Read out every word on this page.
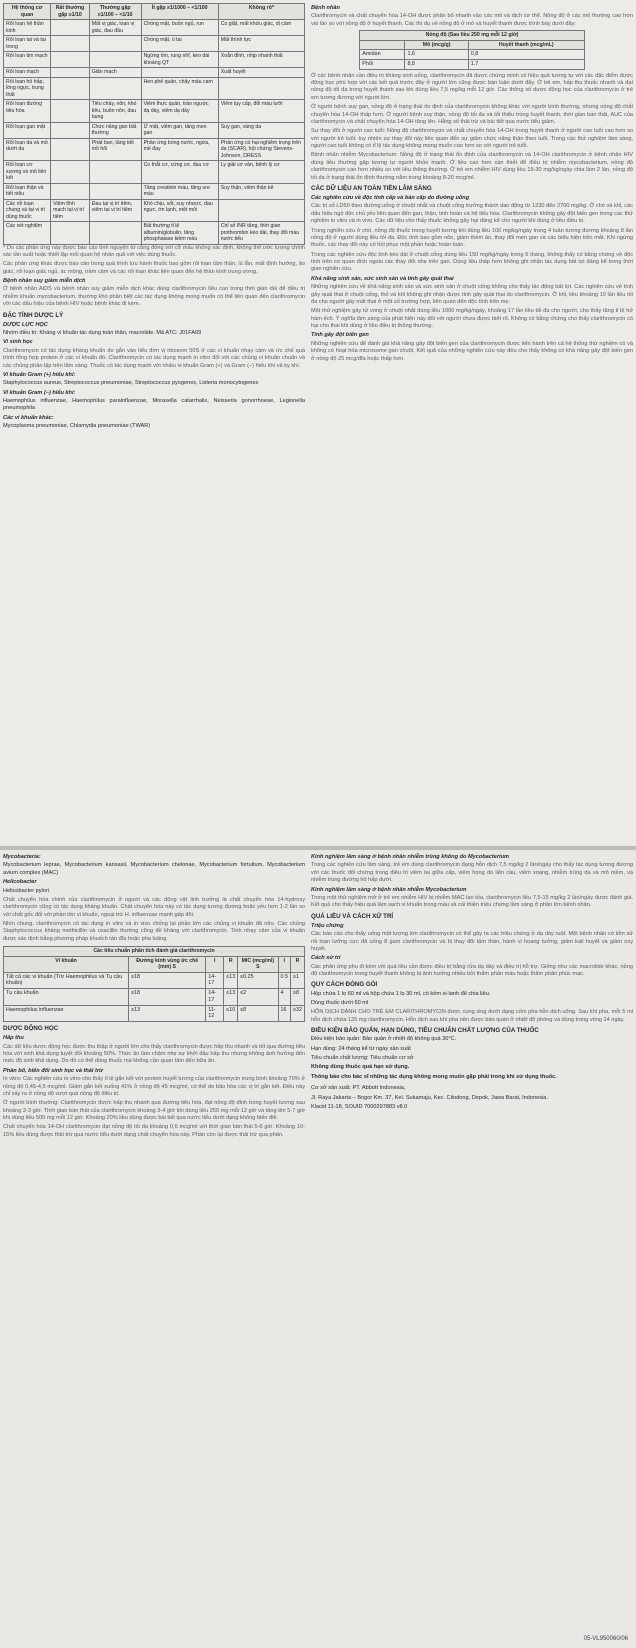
Hệ thống cơ quan	Rất thường gặp ≥1/10	Thường gặp ≥1/100 – <1/10	Ít gặp ≥1/1000 – <1/100	Không rõ*
Rối loạn hệ thần kinh		Mất vị giác, loạn vị giác, đau đầu	Chóng mặt, buồn ngủ, run	Co giật, mất khứu giác, dị cảm
Rối loạn tai và tai trong			Chóng mặt, ù tai	Mất thính lực
Rối loạn tim mạch			Ngừng tim, rung nhĩ, kéo dài khoảng QT	Xoắn đỉnh, nhịp nhanh thất
Rối loạn mạch		Giãn mạch		Xuất huyết
Rối loạn hô hấp, lồng ngực, trung thất			Hen phế quản, chảy máu cam	
Rối loạn đường tiêu hóa		Tiêu chảy, nôn, khó tiêu, buồn nôn, đau bụng	Viêm thực quản, trào ngược dạ dày, viêm dạ dày	Viêm tụy cấp, đổi màu lưỡi
Rối loạn gan mật		Chức năng gan bất thường	Ứ mật, viêm gan, tăng men gan	Suy gan, vàng da
Rối loạn da và mô dưới da		Phát ban, tăng tiết mồ hôi	Phản ứng bóng nước, ngứa, mề đay	Phản ứng có hại nghiêm trọng trên da (SCAR), hội chứng Stevens-Johnson, DRESS
Rối loạn cơ xương và mô liên kết			Co thắt cơ, cứng cơ, đau cơ	Ly giải cơ vân, bệnh lý cơ
Rối loạn thận và tiết niệu			Tăng creatinin máu, tăng ure máu	Suy thận, viêm thận kẽ
Các rối loạn chung và tại vị trí dùng thuốc	Viêm tĩnh mạch tại vị trí tiêm	Đau tại vị trí tiêm, viêm tại vị trí tiêm	Khó chịu, sốt, suy nhược, đau ngực, ớn lạnh, mệt mỏi	
Các xét nghiệm			Bất thường tỉ lệ albumin/globulin, tăng phosphatase kiềm máu	Chỉ số INR tăng, thời gian prothrombin kéo dài, thay đổi màu nước tiểu

* Do các phản ứng này được báo cáo tình nguyện từ cộng đồng với cỡ mẫu không xác định, không thể ước lượng chính xác tần suất hoặc thiết lập mối quan hệ nhân quả với việc dùng thuốc.

Các phản ứng khác được báo cáo trong quá trình lưu hành thuốc bao gồm rối loạn tâm thần, lú lẫn, mất định hướng, ảo giác, rối loạn giấc ngủ, ác mộng, trầm cảm và các rối loạn khác liên quan đến hệ thần kinh trung ương.

Bệnh nhân suy giảm miễn dịch

Ở bệnh nhân AIDS và bệnh nhân suy giảm miễn dịch khác dùng clarithromycin liều cao trong thời gian dài để điều trị nhiễm khuẩn mycobacterium, thường khó phân biệt các tác dụng không mong muốn có thể liên quan đến clarithromycin với các dấu hiệu của bệnh HIV hoặc bệnh khác đi kèm.

ĐẶC TÍNH DƯỢC LÝ
DƯỢC LỰC HỌC

Nhóm điều trị: Kháng vi khuẩn tác dụng toàn thân, macrolide. Mã ATC: J01FA09

Vi sinh học

Clarithromycin có tác dụng kháng khuẩn do gắn vào tiểu đơn vị ribosom 50S ở các vi khuẩn nhạy cảm và ức chế quá trình tổng hợp protein ở các vi khuẩn đó. Clarithromycin có tác dụng mạnh in vitro đối với các chủng vi khuẩn chuẩn và các chủng phân lập trên lâm sàng. Thuốc có tác dụng mạnh với nhiều vi khuẩn Gram (+) và Gram (−) hiếu khí và kỵ khí.

Vi khuẩn Gram (+) hiếu khí:

Staphylococcus aureus, Streptococcus pneumoniae, Streptococcus pyogenes, Listeria monocytogenes

Vi khuẩn Gram (−) hiếu khí:

Haemophilus influenzae, Haemophilus parainfluenzae, Moraxella catarrhalis, Neisseria gonorrhoeae, Legionella pneumophila

Các vi khuẩn khác:

Mycoplasma pneumoniae, Chlamydia pneumoniae (TWAR)

Bệnh nhân

Clarithromycin và chất chuyển hóa 14-OH được phân bố nhanh vào các mô và dịch cơ thể. Nồng độ ở các mô thường cao hơn vài lần so với nồng độ ở huyết thanh. Các thí dụ về nồng độ ở mô và huyết thanh được trình bày dưới đây:

Nồng độ (Sau liều 250 mg mỗi 12 giờ)		
	Mô (mcg/g)	Huyết thanh (mcg/mL)
Amidan	1,6	0,8
Phổi	8,8	1,7

Ở các bệnh nhân cần điều trị kháng sinh uống, clarithromycin đã được chứng minh có hiệu quả tương tự với các đặc điểm được động học phù hợp với các kết quả trước đây ở người lớn cũng được bàn luận dưới đây. Ở trẻ em, hấp thu thuốc nhanh và đạt nồng độ tối đa trong huyết thanh sau khi dùng liều 7,5 mg/kg mỗi 12 giờ. Các thông số dược động học của clarithromycin ở trẻ em tương đương với người lớn.

Ở người bệnh suy gan, nồng độ ở trạng thái ổn định của clarithromycin không khác với người bình thường, nhưng nồng độ chất chuyển hóa 14-OH thấp hơn. Ở người bệnh suy thận, nồng độ tối đa và tối thiểu trong huyết thanh, thời gian bán thải, AUC của clarithromycin và chất chuyển hóa 14-OH tăng lên. Hằng số thải trừ và bài tiết qua nước tiểu giảm.

Sự thay đổi ở người cao tuổi: Nồng độ clarithromycin và chất chuyển hóa 14-OH trong huyết thanh ở người cao tuổi cao hơn so với người trẻ tuổi; tuy nhiên sự thay đổi này liên quan đến sự giảm chức năng thận theo tuổi. Trong các thử nghiệm lâm sàng, người cao tuổi không có tỉ lệ tác dụng không mong muốn cao hơn so với người trẻ tuổi.

Bệnh nhân nhiễm Mycobacterium: Nồng độ ở trạng thái ổn định của clarithromycin và 14-OH clarithromycin ở bệnh nhân HIV dùng liều thường gặp tương tự người khỏe mạnh. Ở liều cao hơn cần thiết để điều trị nhiễm mycobacterium, nồng độ clarithromycin cao hơn nhiều so với liều thông thường. Ở trẻ em nhiễm HIV dùng liều 15-30 mg/kg/ngày chia làm 2 lần, nồng độ tối đa ở trạng thái ổn định thường nằm trong khoảng 8-20 mcg/ml.

CÁC DỮ LIỆU AN TOÀN TIỀN LÂM SÀNG
Các nghiên cứu về độc tính cấp và bán cấp do đường uống

Các trị số LD50 theo đường uống ở chuột nhắt và chuột cống trưởng thành dao động từ 1230 đến 2700 mg/kg. Ở chó và khỉ, các dấu hiệu ngộ độc chủ yếu liên quan đến gan, thận, tinh hoàn và hệ tiêu hóa. Clarithromycin không gây đột biến gen trong các thử nghiệm in vitro và in vivo. Các dữ liệu cho thấy thuốc không gây hại đáng kể cho người khi dùng ở liều điều trị.

Trong nghiên cứu ở chó, nồng độ thuốc trong huyết tương khi dùng liều 100 mg/kg/ngày trong 4 tuần tương đương khoảng 8 lần nồng độ ở người dùng liều tối đa. Độc tính bao gồm nôn, giảm thèm ăn, thay đổi men gan và các biểu hiện trên mắt. Khi ngừng thuốc, các thay đổi này có hồi phục một phần hoặc hoàn toàn.

Trong các nghiên cứu độc tính kéo dài ở chuột cống dùng liều 150 mg/kg/ngày trong 6 tháng, không thấy có bằng chứng về độc tính trên cơ quan đích ngoài các thay đổi nhẹ trên gan. Dùng liều thấp hơn không ghi nhận tác dụng bất lợi đáng kể trong thời gian nghiên cứu.

Khả năng sinh sản, sức sinh sản và tính gây quái thai

Những nghiên cứu về khả năng sinh sản và sức sinh sản ở chuột cống không cho thấy tác động bất lợi. Các nghiên cứu về tính gây quái thai ở chuột cống, thỏ và khỉ không ghi nhận được tính gây quái thai do clarithromycin. Ở khỉ, liều khoảng 10 lần liều tối đa cho người gây mất thai ở một số trường hợp, liên quan đến độc tính trên mẹ.

Một thử nghiệm gây tử vong ở chuột nhắt dùng liều 1000 mg/kg/ngày, khoảng 17 lần liều tối đa cho người, cho thấy tăng tỉ lệ hở hàm ếch. Ý nghĩa lâm sàng của phát hiện này đối với người chưa được biết rõ. Không có bằng chứng cho thấy clarithromycin có hại cho thai khi dùng ở liều điều trị thông thường.

Tính gây đột biến gen

Những nghiên cứu để đánh giá khả năng gây đột biến gen của clarithromycin được tiến hành trên cả hệ thống thử nghiệm có và không có hoạt hóa microsome gan chuột. Kết quả của những nghiên cứu này đều cho thấy không có khả năng gây đột biến gen ở nồng độ 25 mcg/đĩa hoặc thấp hơn.

Mycobacteria:

Mycobacterium leprae, Mycobacterium kansasii, Mycobacterium chelonae, Mycobacterium fortuitum, Mycobacterium avium complex (MAC)

Helicobacter

Helicobacter pylori

Chất chuyển hóa chính của clarithromycin ở người và các động vật linh trưởng là chất chuyển hóa 14-hydroxy clarithromycin cũng có tác dụng kháng khuẩn. Chất chuyển hóa này có tác dụng tương đương hoặc yếu hơn 1-2 lần so với chất gốc đối với phần lớn vi khuẩn, ngoại trừ H. influenzae mạnh gấp đôi.

Nhìn chung, clarithromycin có tác dụng in vitro và in vivo chống lại phần lớn các chủng vi khuẩn đã nêu. Các chủng Staphylococcus kháng methicillin và oxacillin thường cũng đề kháng với clarithromycin. Tính nhạy cảm của vi khuẩn được xác định bằng phương pháp khuếch tán đĩa hoặc pha loãng.

Các tiêu chuẩn phân tích đánh giá clarithromycin						
Vi khuẩn	Đường kính vùng ức chế (mm) S	I	R	MIC (mcg/ml) S	I	R
Tất cả các vi khuẩn (Trừ Haemophilus và Tụ cầu khuẩn)	≥18	14-17	≤13	≤0.25	0.5	≥1
Tụ cầu khuẩn	≥18	14-17	≤13	≤2	4	≥8
Haemophilus influenzae	≥13	11-12	≤10	≤8	16	≥32
DƯỢC ĐỘNG HỌC
Hấp thu

Các dữ liệu dược động học được thu thập ở người lớn cho thấy clarithromycin được hấp thu nhanh và tốt qua đường tiêu hóa với sinh khả dụng tuyệt đối khoảng 50%. Thức ăn làm chậm nhẹ sự khởi đầu hấp thu nhưng không ảnh hưởng đến mức độ sinh khả dụng. Do đó có thể dùng thuốc mà không cần quan tâm đến bữa ăn.

Phân bố, biến đổi sinh học và thải trừ

In vitro: Các nghiên cứu in vitro cho thấy tỉ lệ gắn kết với protein huyết tương của clarithromycin trung bình khoảng 70% ở nồng độ 0,45-4,5 mcg/ml. Giảm gắn kết xuống 41% ở nồng độ 45 mcg/ml, có thể do bão hòa các vị trí gắn kết. Điều này chỉ xảy ra ở nồng độ vượt quá nồng độ điều trị.

Ở người bình thường: Clarithromycin được hấp thu nhanh qua đường tiêu hóa, đạt nồng độ đỉnh trong huyết tương sau khoảng 2-3 giờ. Thời gian bán thải của clarithromycin khoảng 3-4 giờ khi dùng liều 250 mg mỗi 12 giờ và tăng lên 5-7 giờ khi dùng liều 500 mg mỗi 12 giờ. Khoảng 20% liều dùng được bài tiết qua nước tiểu dưới dạng không biến đổi.

Chất chuyển hóa 14-OH clarithromycin đạt nồng độ tối đa khoảng 0,6 mcg/ml với thời gian bán thải 5-6 giờ. Khoảng 10-15% liều dùng được thải trừ qua nước tiểu dưới dạng chất chuyển hóa này. Phần còn lại được thải trừ qua phân.

Kinh nghiệm lâm sàng ở bệnh nhân nhiễm trùng không do Mycobacterium

Trong các nghiên cứu lâm sàng, trẻ em dùng clarithromycin dạng hỗn dịch 7,5 mg/kg 2 lần/ngày cho thấy tác dụng tương đương với các thuốc đối chứng trong điều trị viêm tai giữa cấp, viêm họng do liên cầu, viêm xoang, nhiễm trùng da và mô mềm, và nhiễm trùng đường hô hấp dưới.

Kinh nghiệm lâm sàng ở bệnh nhân nhiễm Mycobacterium

Trong một thử nghiệm mở ở trẻ em nhiễm HIV bị nhiễm MAC lan tỏa, clarithromycin liều 7,5-15 mg/kg 2 lần/ngày được đánh giá. Kết quả cho thấy hiệu quả làm sạch vi khuẩn trong máu và cải thiện triệu chứng lâm sàng ở phần lớn bệnh nhân.

QUÁ LIỀU VÀ CÁCH XỬ TRÍ
Triệu chứng

Các báo cáo cho thấy uống một lượng lớn clarithromycin có thể gây ra các triệu chứng ở dạ dày ruột. Một bệnh nhân có tiền sử rối loạn lưỡng cực đã uống 8 gam clarithromycin và bị thay đổi tâm thần, hành vi hoang tưởng, giảm kali huyết và giảm oxy huyết.

Cách xử trí

Các phản ứng phụ đi kèm với quá liều cần được điều trị bằng rửa dạ dày và điều trị hỗ trợ. Giống như các macrolide khác, nồng độ clarithromycin trong huyết thanh không bị ảnh hưởng nhiều bởi thẩm phân máu hoặc thẩm phân phúc mạc.

QUY CÁCH ĐÓNG GÓI

Hộp chứa 1 lọ 60 ml và hộp chứa 1 lọ 30 ml, có kèm xi-lanh để chia liều.

Dùng thuốc dưới 60 ml

HỖN DỊCH DÀNH CHO TRẺ EM CLARITHROMYCIN được cung ứng dưới dạng cốm pha hỗn dịch uống. Sau khi pha, mỗi 5 ml hỗn dịch chứa 125 mg clarithromycin. Hỗn dịch sau khi pha nên được bảo quản ở nhiệt độ phòng và dùng trong vòng 14 ngày.

ĐIỀU KIỆN BẢO QUẢN, HẠN DÙNG, TIÊU CHUẨN CHẤT LƯỢNG CỦA THUỐC

Điều kiện bảo quản: Bảo quản ở nhiệt độ không quá 30°C.

Hạn dùng: 24 tháng kể từ ngày sản xuất

Tiêu chuẩn chất lượng: Tiêu chuẩn cơ sở

Không dùng thuốc quá hạn sử dụng.

Thông báo cho bác sĩ những tác dụng không mong muốn gặp phải trong khi sử dụng thuốc.

Cơ sở sản xuất: PT. Abbott Indonesia,

Jl. Raya Jakarta – Bogor Km. 37, Kel. Sukamaju, Kec. Cilodong, Depok, Jawa Barat, Indonesia.

Klacid 11-18, SOUID 7000297883 v8.0

05-VL950060/06
